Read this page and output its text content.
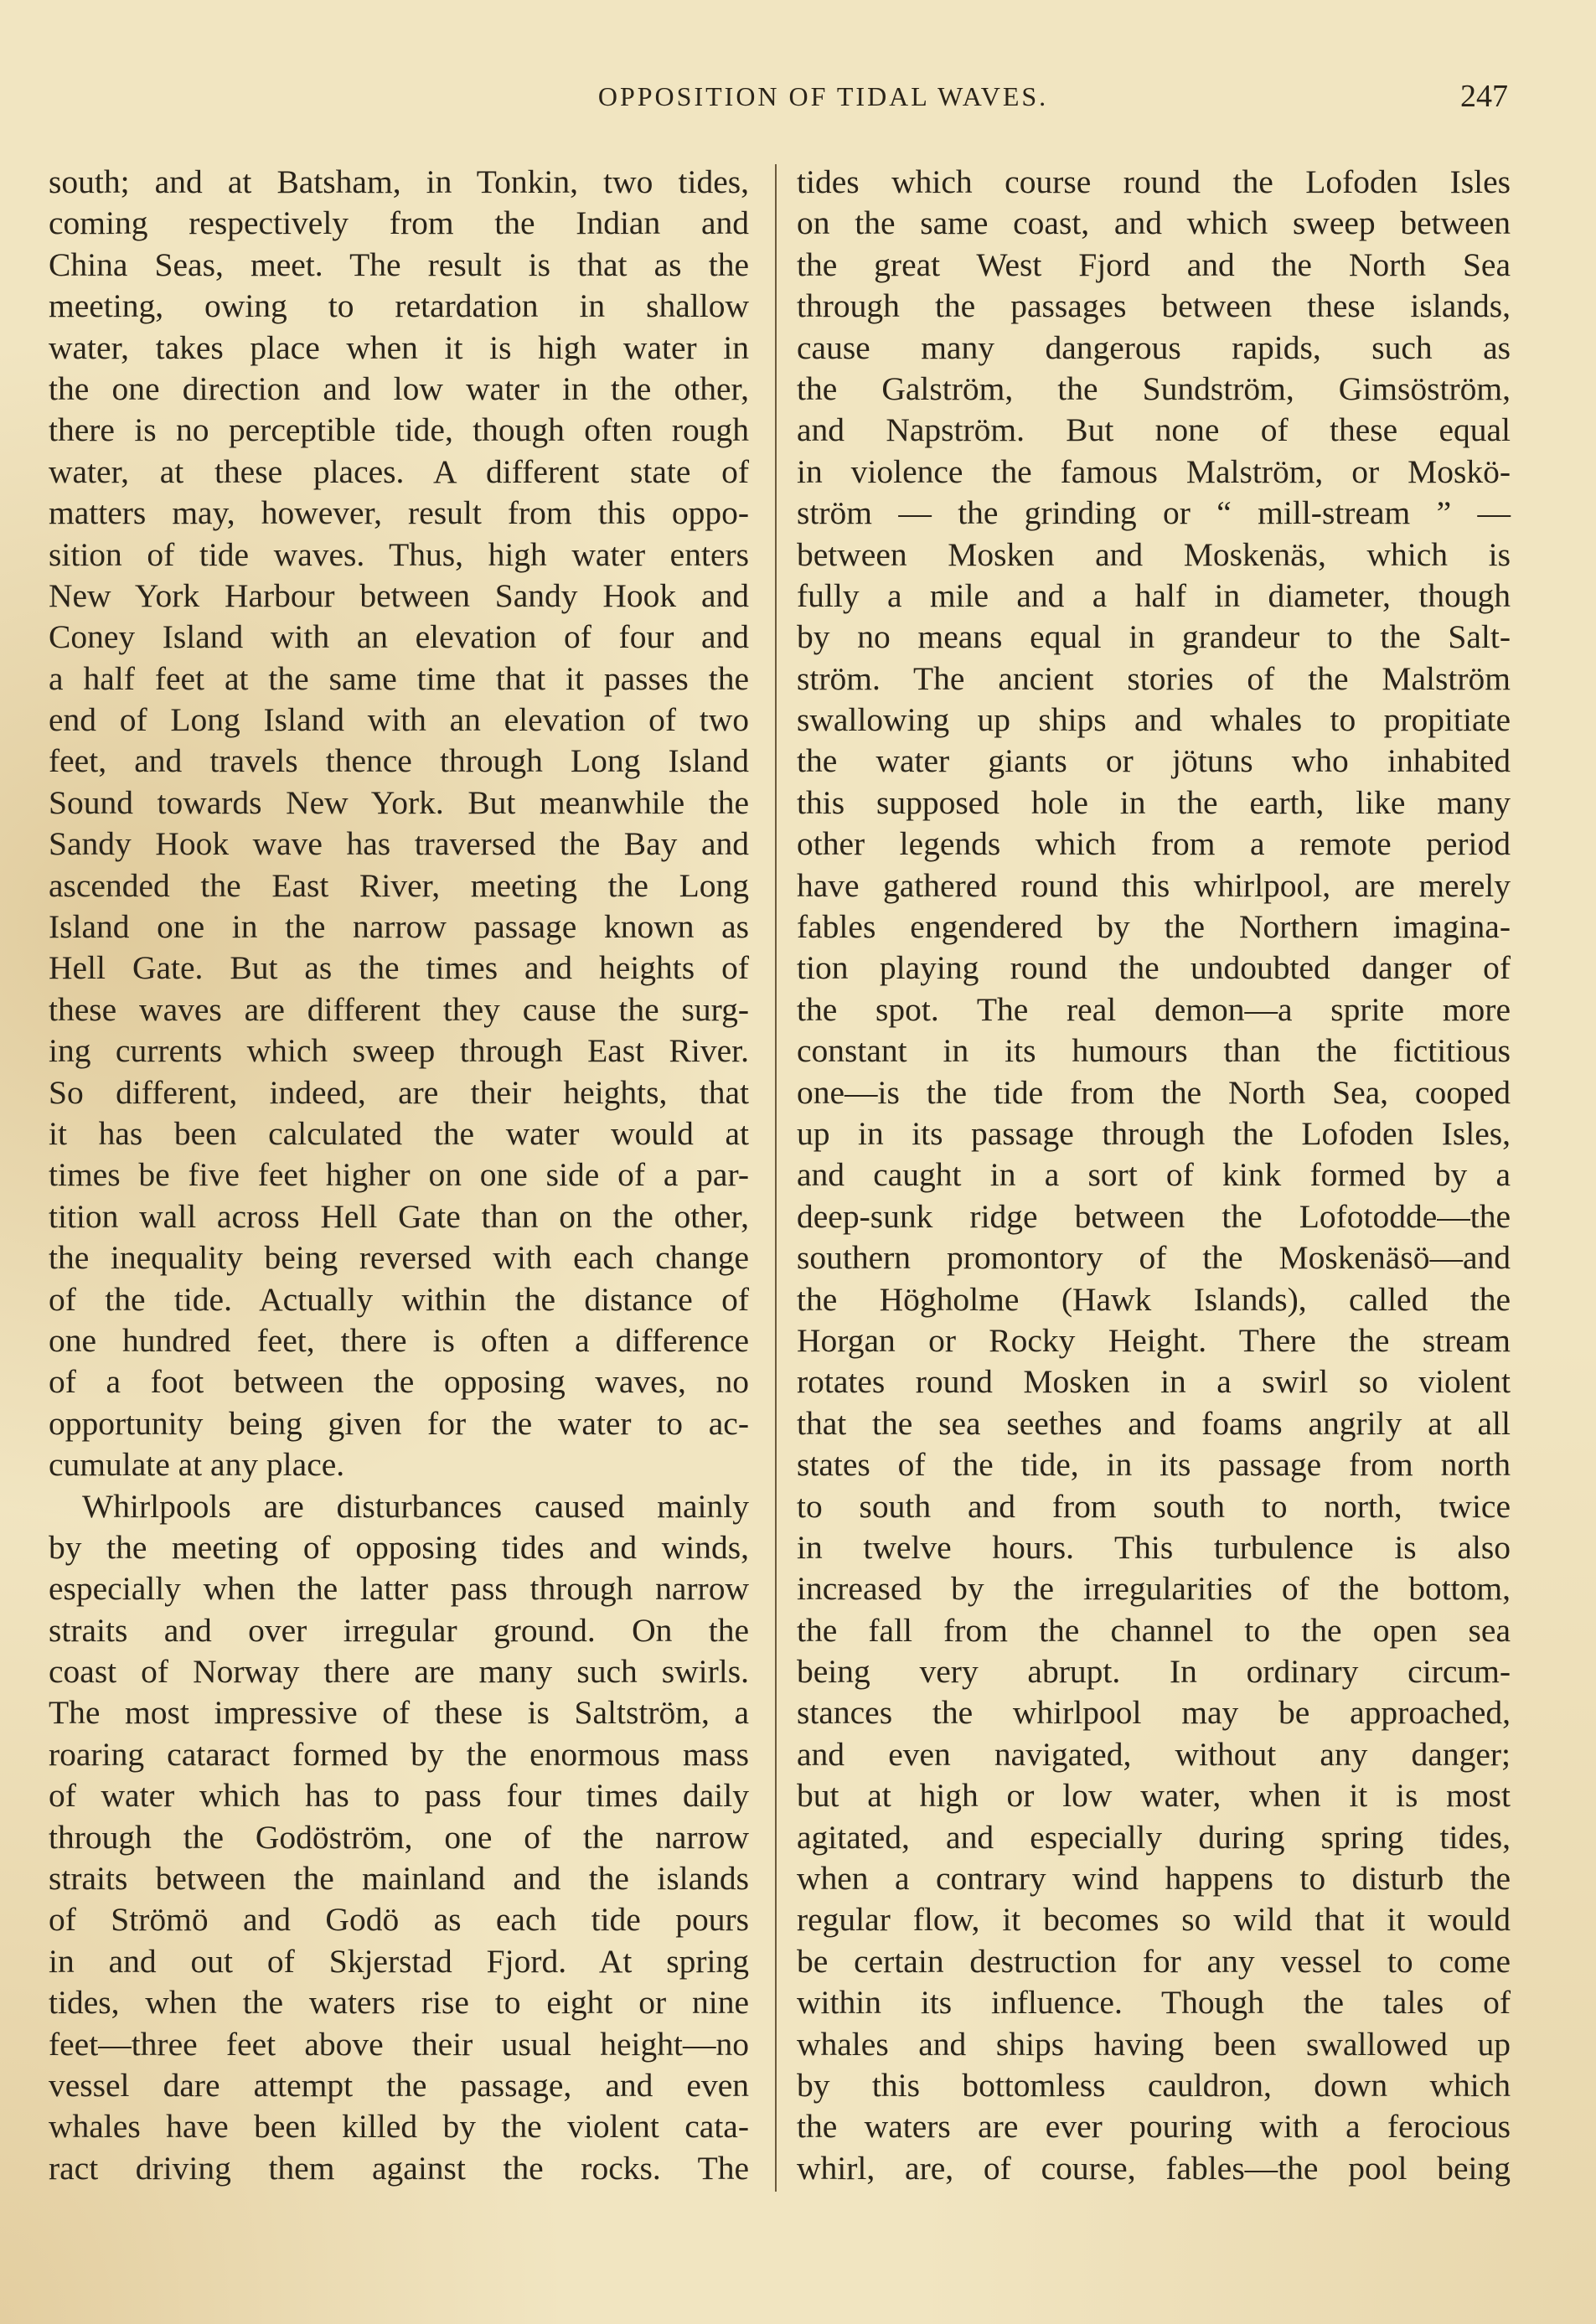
OPPOSITION OF TIDAL WAVES.	247
south; and at Batsham, in Tonkin, two tides,
coming respectively from the Indian and
China Seas, meet. The result is that as the
meeting, owing to retardation in shallow
water, takes place when it is high water in
the one direction and low water in the other,
there is no perceptible tide, though often rough
water, at these places. A different state of
matters may, however, result from this oppo-
sition of tide waves. Thus, high water enters
New York Harbour between Sandy Hook and
Coney Island with an elevation of four and
a half feet at the same time that it passes the
end of Long Island with an elevation of two
feet, and travels thence through Long Island
Sound towards New York. But meanwhile the
Sandy Hook wave has traversed the Bay and
ascended the East River, meeting the Long
Island one in the narrow passage known as
Hell Gate. But as the times and heights of
these waves are different they cause the surg-
ing currents which sweep through East River.
So different, indeed, are their heights, that
it has been calculated the water would at
times be five feet higher on one side of a par-
tition wall across Hell Gate than on the other,
the inequality being reversed with each change
of the tide. Actually within the distance of
one hundred feet, there is often a difference
of a foot between the opposing waves, no
opportunity being given for the water to ac-
cumulate at any place.
Whirlpools are disturbances caused mainly
by the meeting of opposing tides and winds,
especially when the latter pass through narrow
straits and over irregular ground. On the
coast of Norway there are many such swirls.
The most impressive of these is Saltström, a
roaring cataract formed by the enormous mass
of water which has to pass four times daily
through the Godöström, one of the narrow
straits between the mainland and the islands
of Strömö and Godö as each tide pours
in and out of Skjerstad Fjord. At spring
tides, when the waters rise to eight or nine
feet—three feet above their usual height—no
vessel dare attempt the passage, and even
whales have been killed by the violent cata-
ract driving them against the rocks. The
tides which course round the Lofoden Isles
on the same coast, and which sweep between
the great West Fjord and the North Sea
through the passages between these islands,
cause many dangerous rapids, such as
the Galström, the Sundström, Gimsöström,
and Napström. But none of these equal
in violence the famous Malström, or Moskö-
ström — the grinding or “ mill-stream ” —
between Mosken and Moskenäs, which is
fully a mile and a half in diameter, though
by no means equal in grandeur to the Salt-
ström. The ancient stories of the Malström
swallowing up ships and whales to propitiate
the water giants or jötuns who inhabited
this supposed hole in the earth, like many
other legends which from a remote period
have gathered round this whirlpool, are merely
fables engendered by the Northern imagina-
tion playing round the undoubted danger of
the spot. The real demon—a sprite more
constant in its humours than the fictitious
one—is the tide from the North Sea, cooped
up in its passage through the Lofoden Isles,
and caught in a sort of kink formed by a
deep-sunk ridge between the Lofotodde—the
southern promontory of the Moskenäsö—and
the Högholme (Hawk Islands), called the
Horgan or Rocky Height. There the stream
rotates round Mosken in a swirl so violent
that the sea seethes and foams angrily at all
states of the tide, in its passage from north
to south and from south to north, twice
in twelve hours. This turbulence is also
increased by the irregularities of the bottom,
the fall from the channel to the open sea
being very abrupt. In ordinary circum-
stances the whirlpool may be approached,
and even navigated, without any danger;
but at high or low water, when it is most
agitated, and especially during spring tides,
when a contrary wind happens to disturb the
regular flow, it becomes so wild that it would
be certain destruction for any vessel to come
within its influence. Though the tales of
whales and ships having been swallowed up
by this bottomless cauldron, down which
the waters are ever pouring with a ferocious
whirl, are, of course, fables—the pool being
